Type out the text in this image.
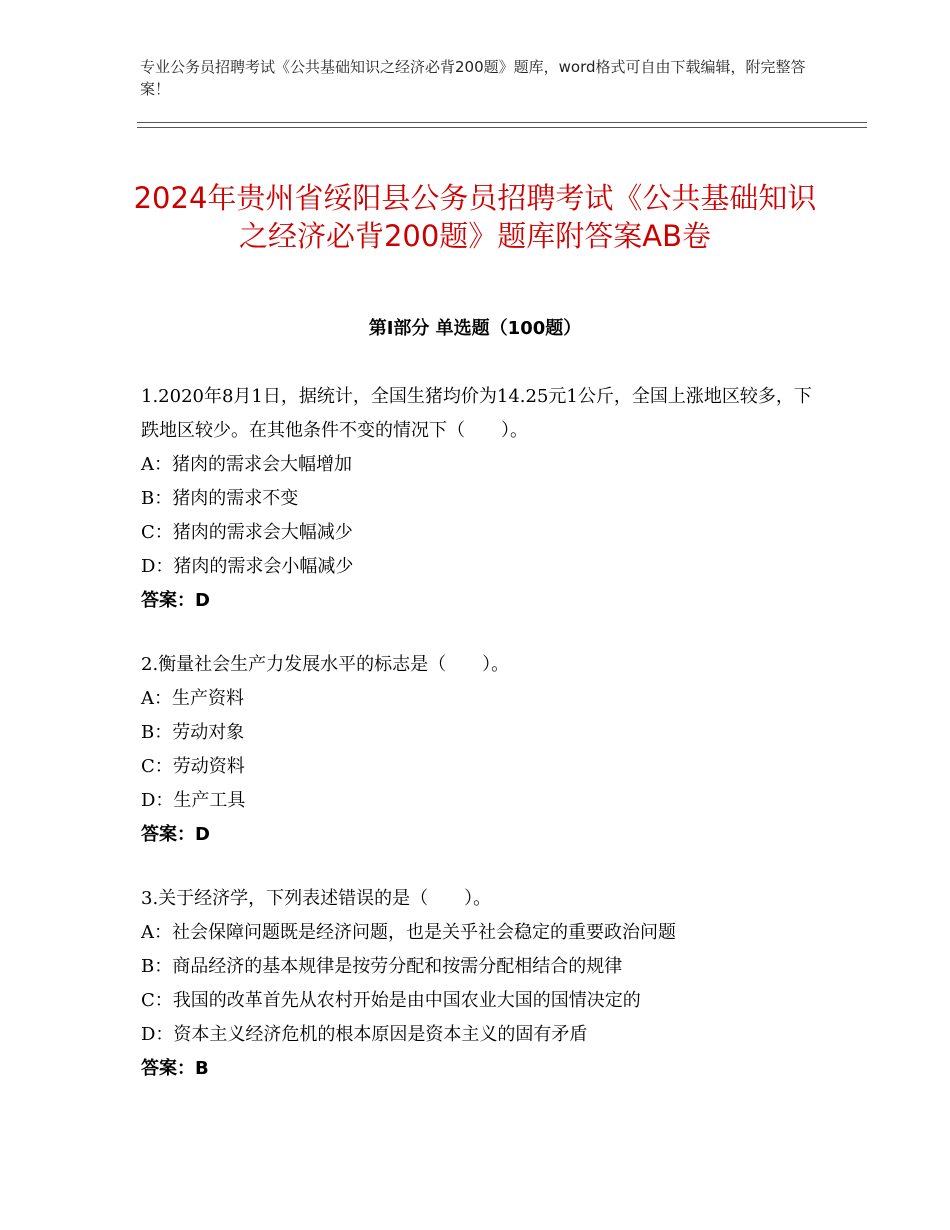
专业公务员招聘考试《公共基础知识之经济必背200题》题库，word格式可自由下载编辑，附完整答案！
2024年贵州省绥阳县公务员招聘考试《公共基础知识之经济必背200题》题库附答案AB卷
第Ⅰ部分 单选题（100题）
1.2020年8月1日，据统计，全国生猪均价为14.25元1公斤，全国上涨地区较多，下跌地区较少。在其他条件不变的情况下（　　）。
A：猪肉的需求会大幅增加
B：猪肉的需求不变
C：猪肉的需求会大幅减少
D：猪肉的需求会小幅减少
答案：D
2.衡量社会生产力发展水平的标志是（　　）。
A：生产资料
B：劳动对象
C：劳动资料
D：生产工具
答案：D
3.关于经济学，下列表述错误的是（　　）。
A：社会保障问题既是经济问题，也是关乎社会稳定的重要政治问题
B：商品经济的基本规律是按劳分配和按需分配相结合的规律
C：我国的改革首先从农村开始是由中国农业大国的国情决定的
D：资本主义经济危机的根本原因是资本主义的固有矛盾
答案：B
